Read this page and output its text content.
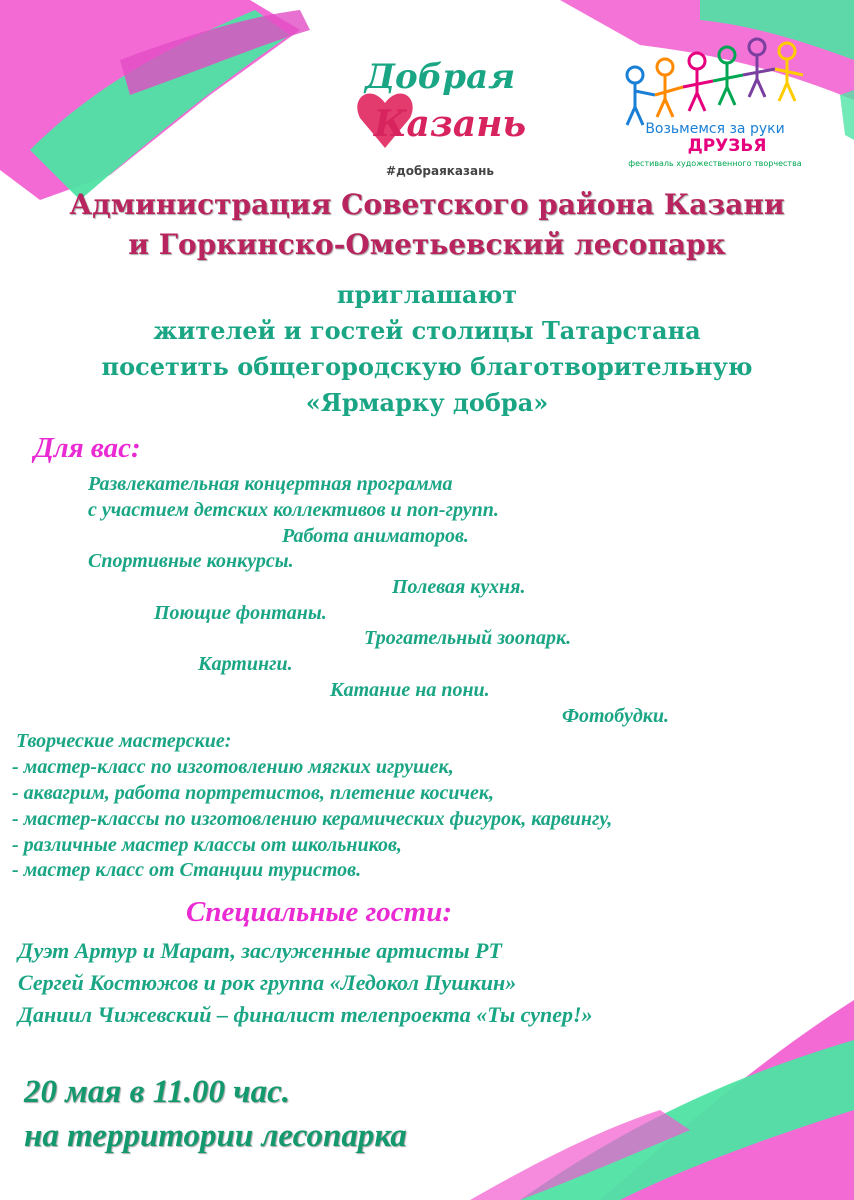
Добрая
Казань
#добраяказань
Возьмемся за руки
ДРУЗЬЯ
фестиваль художественного творчества
Администрация Советского района Казани
и Горкинско-Ометьевский лесопарк
приглашают
жителей и гостей столицы Татарстана
посетить общегородскую благотворительную
«Ярмарку добра»
Для вас:
Развлекательная концертная программа
с участием детских коллективов и поп-групп.
Работа аниматоров.
Спортивные конкурсы.
Полевая кухня.
Поющие фонтаны.
Трогательный зоопарк.
Картинги.
Катание на пони.
Фотобудки.
Творческие мастерские:
- мастер-класс по изготовлению мягких игрушек,
- аквагрим, работа портретистов, плетение косичек,
- мастер-классы по изготовлению керамических фигурок, карвингу,
- различные мастер классы от школьников,
- мастер класс от Станции туристов.
Специальные гости:
Дуэт Артур и Марат, заслуженные артисты РТ
Сергей Костюжов и рок группа «Ледокол Пушкин»
Даниил Чижевский – финалист телепроекта «Ты супер!»
20 мая в 11.00 час.
на территории лесопарка
